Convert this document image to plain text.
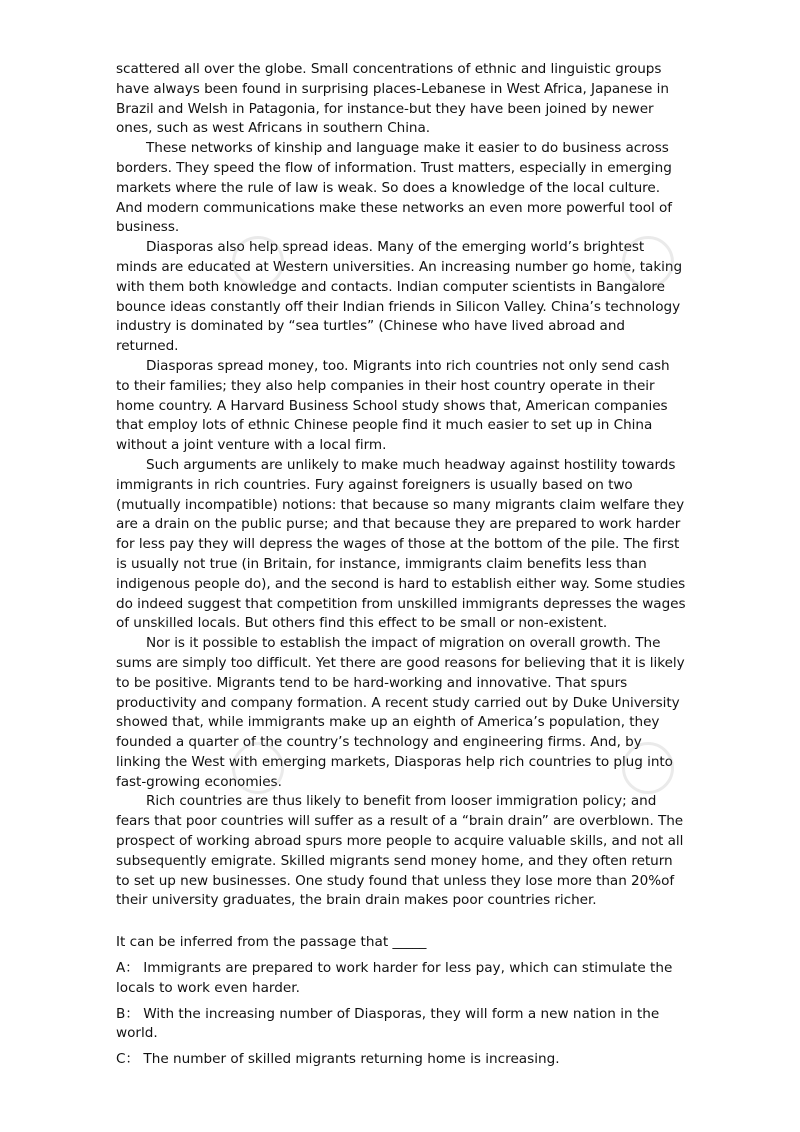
scattered all over the globe. Small concentrations of ethnic and linguistic groups have always been found in surprising places-Lebanese in West Africa, Japanese in Brazil and Welsh in Patagonia, for instance-but they have been joined by newer ones, such as west Africans in southern China.

These networks of kinship and language make it easier to do business across borders. They speed the flow of information. Trust matters, especially in emerging markets where the rule of law is weak. So does a knowledge of the local culture. And modern communications make these networks an even more powerful tool of business.

Diasporas also help spread ideas. Many of the emerging world’s brightest minds are educated at Western universities. An increasing number go home, taking with them both knowledge and contacts. Indian computer scientists in Bangalore bounce ideas constantly off their Indian friends in Silicon Valley. China’s technology industry is dominated by “sea turtles” (Chinese who have lived abroad and returned.

Diasporas spread money, too. Migrants into rich countries not only send cash to their families; they also help companies in their host country operate in their home country. A Harvard Business School study shows that, American companies that employ lots of ethnic Chinese people find it much easier to set up in China without a joint venture with a local firm.

Such arguments are unlikely to make much headway against hostility towards immigrants in rich countries. Fury against foreigners is usually based on two (mutually incompatible) notions: that because so many migrants claim welfare they are a drain on the public purse; and that because they are prepared to work harder for less pay they will depress the wages of those at the bottom of the pile. The first is usually not true (in Britain, for instance, immigrants claim benefits less than indigenous people do), and the second is hard to establish either way. Some studies do indeed suggest that competition from unskilled immigrants depresses the wages of unskilled locals. But others find this effect to be small or non-existent.

Nor is it possible to establish the impact of migration on overall growth. The sums are simply too difficult. Yet there are good reasons for believing that it is likely to be positive. Migrants tend to be hard-working and innovative. That spurs productivity and company formation. A recent study carried out by Duke University showed that, while immigrants make up an eighth of America’s population, they founded a quarter of the country’s technology and engineering firms. And, by linking the West with emerging markets, Diasporas help rich countries to plug into fast-growing economies.

Rich countries are thus likely to benefit from looser immigration policy; and fears that poor countries will suffer as a result of a “brain drain” are overblown. The prospect of working abroad spurs more people to acquire valuable skills, and not all subsequently emigrate. Skilled migrants send money home, and they often return to set up new businesses. One study found that unless they lose more than 20%of their university graduates, the brain drain makes poor countries richer.

It can be inferred from the passage that _____

A： Immigrants are prepared to work harder for less pay, which can stimulate the locals to work even harder.

B： With the increasing number of Diasporas, they will form a new nation in the world.

C： The number of skilled migrants returning home is increasing.
